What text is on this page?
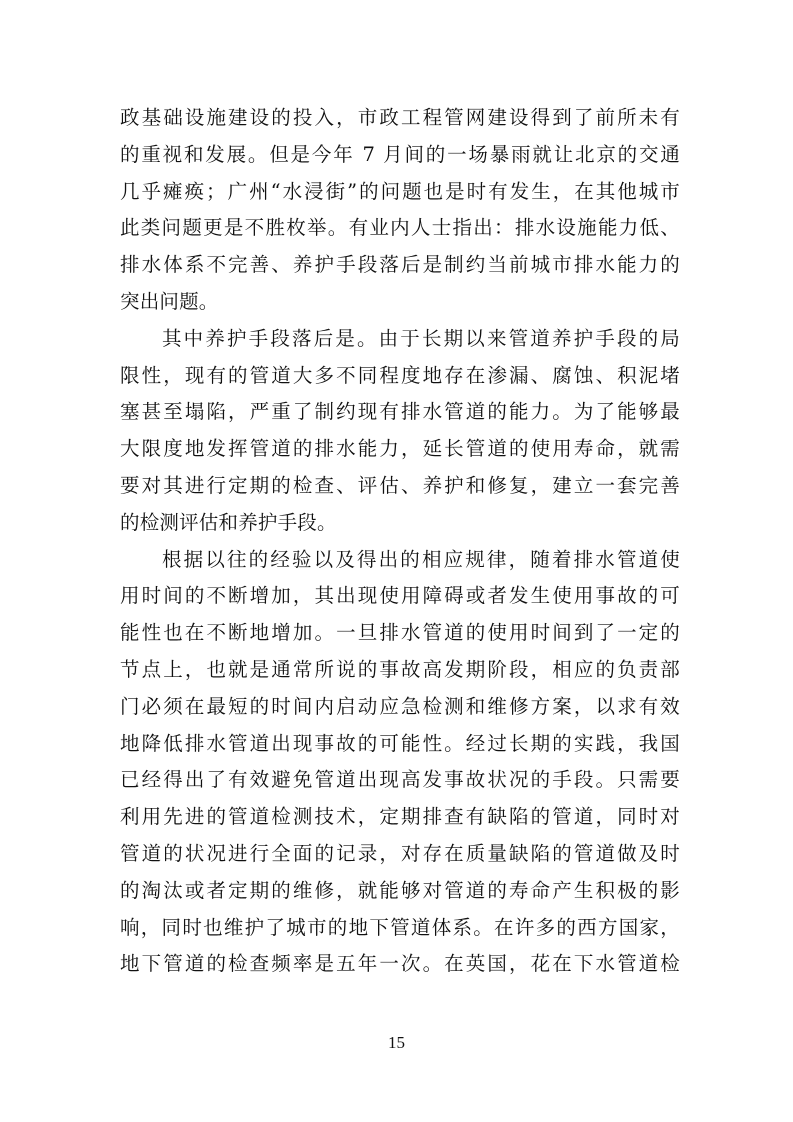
政基础设施建设的投入，市政工程管网建设得到了前所未有
的重视和发展。但是今年 7 月间的一场暴雨就让北京的交通
几乎瘫痪；广州“水浸街”的问题也是时有发生，在其他城市
此类问题更是不胜枚举。有业内人士指出：排水设施能力低、
排水体系不完善、养护手段落后是制约当前城市排水能力的
突出问题。
其中养护手段落后是。由于长期以来管道养护手段的局
限性，现有的管道大多不同程度地存在渗漏、腐蚀、积泥堵
塞甚至塌陷，严重了制约现有排水管道的能力。为了能够最
大限度地发挥管道的排水能力，延长管道的使用寿命，就需
要对其进行定期的检查、评估、养护和修复，建立一套完善
的检测评估和养护手段。
根据以往的经验以及得出的相应规律，随着排水管道使
用时间的不断增加，其出现使用障碍或者发生使用事故的可
能性也在不断地增加。一旦排水管道的使用时间到了一定的
节点上，也就是通常所说的事故高发期阶段，相应的负责部
门必须在最短的时间内启动应急检测和维修方案，以求有效
地降低排水管道出现事故的可能性。经过长期的实践，我国
已经得出了有效避免管道出现高发事故状况的手段。只需要
利用先进的管道检测技术，定期排查有缺陷的管道，同时对
管道的状况进行全面的记录，对存在质量缺陷的管道做及时
的淘汰或者定期的维修，就能够对管道的寿命产生积极的影
响，同时也维护了城市的地下管道体系。在许多的西方国家，
地下管道的检查频率是五年一次。在英国，花在下水管道检
15
